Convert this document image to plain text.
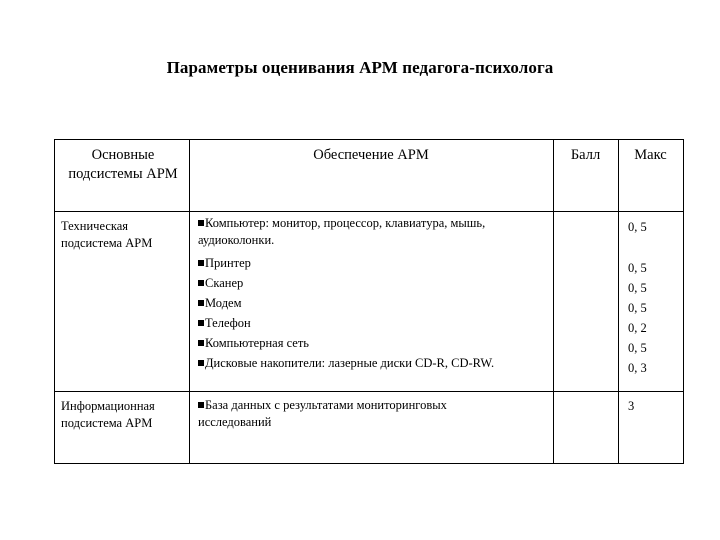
Параметры оценивания АРМ педагога-психолога
Основные подсистемы АРМ
Обеспечение АРМ	Балл	Макс
Техническая подсистема АРМ
Компьютер: монитор, процессор, клавиатура, мышь, аудиоколонки.
Принтер
Сканер
Модем
Телефон
Компьютерная сеть
Дисковые накопители: лазерные диски CD-R, CD-RW.
0, 5
0, 5
0, 5
0, 5
0, 2
0, 5
0, 3
Информационная подсистема АРМ
База данных с результатами мониторинговых исследований
3
